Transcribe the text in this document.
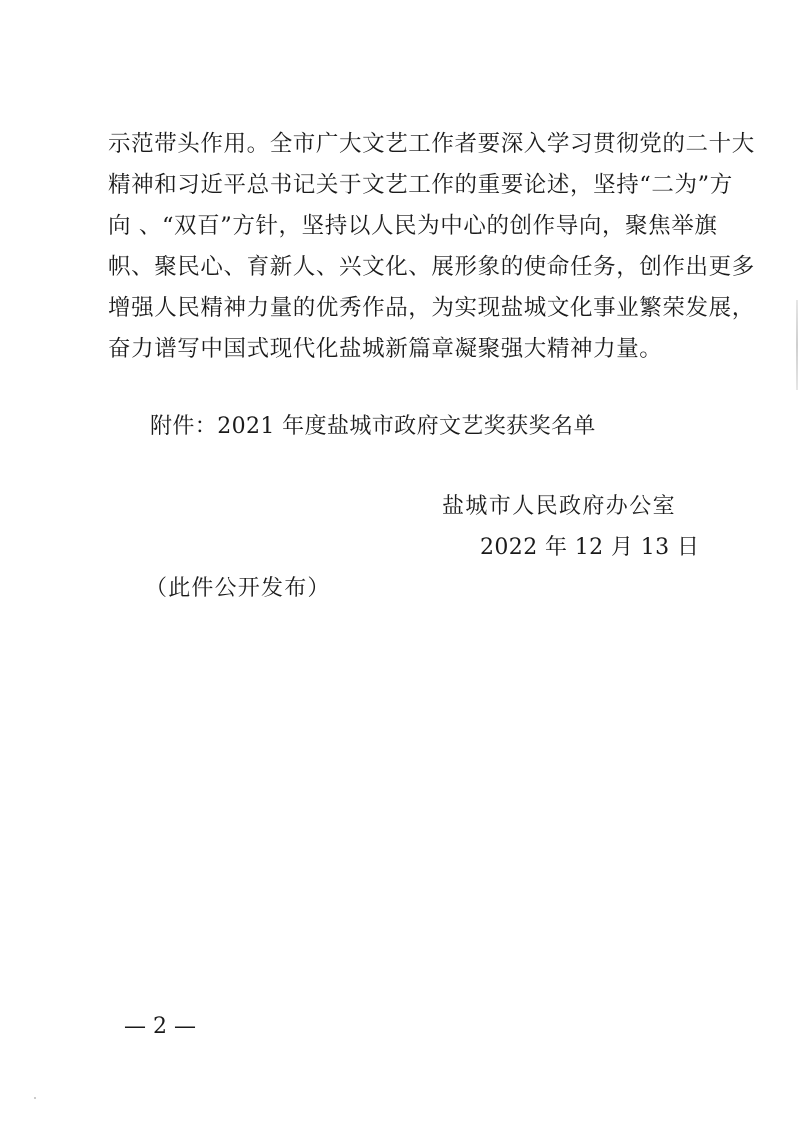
示范带头作用。全市广大文艺工作者要深入学习贯彻党的二十大
精神和习近平总书记关于文艺工作的重要论述，坚持“二为”方
向 、“双百”方针，坚持以人民为中心的创作导向，聚焦举旗
帜、聚民心、育新人、兴文化、展形象的使命任务，创作出更多
增强人民精神力量的优秀作品，为实现盐城文化事业繁荣发展，
奋力谱写中国式现代化盐城新篇章凝聚强大精神力量。
附件：2021 年度盐城市政府文艺奖获奖名单
盐城市人民政府办公室
2022 年 12 月 13 日
（此件公开发布）
— 2 —
